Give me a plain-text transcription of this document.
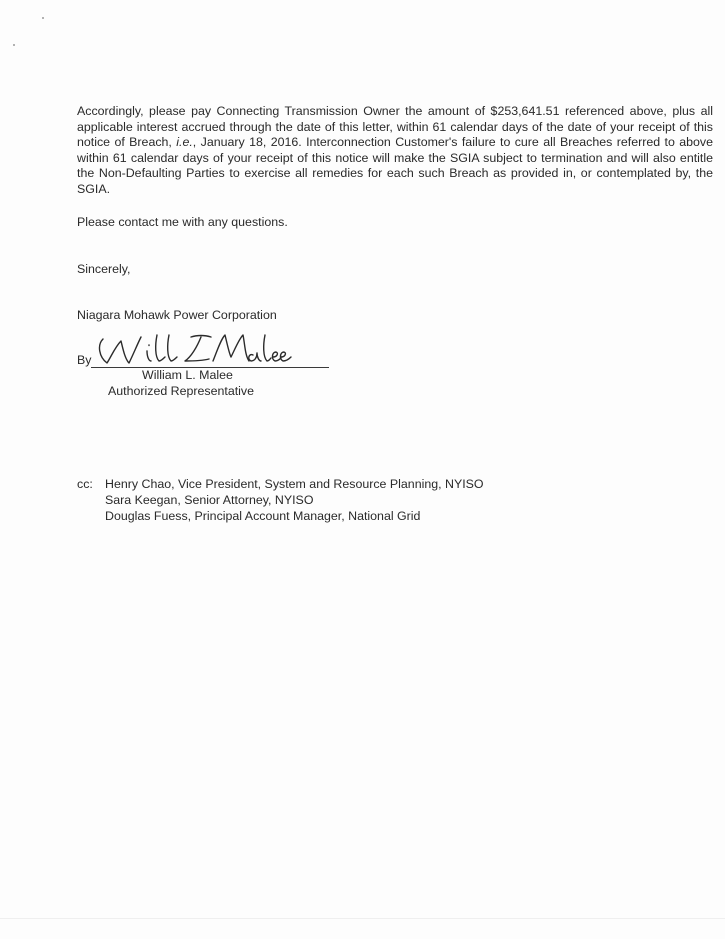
Accordingly, please pay Connecting Transmission Owner the amount of $253,641.51 referenced above, plus all applicable interest accrued through the date of this letter, within 61 calendar days of the date of your receipt of this notice of Breach, i.e., January 18, 2016. Interconnection Customer's failure to cure all Breaches referred to above within 61 calendar days of your receipt of this notice will make the SGIA subject to termination and will also entitle the Non-Defaulting Parties to exercise all remedies for each such Breach as provided in, or contemplated by, the SGIA.

Please contact me with any questions.

Sincerely,

Niagara Mohawk Power Corporation

By
William L. Malee
Authorized Representative
cc: Henry Chao, Vice President, System and Resource Planning, NYISO
Sara Keegan, Senior Attorney, NYISO
Douglas Fuess, Principal Account Manager, National Grid
